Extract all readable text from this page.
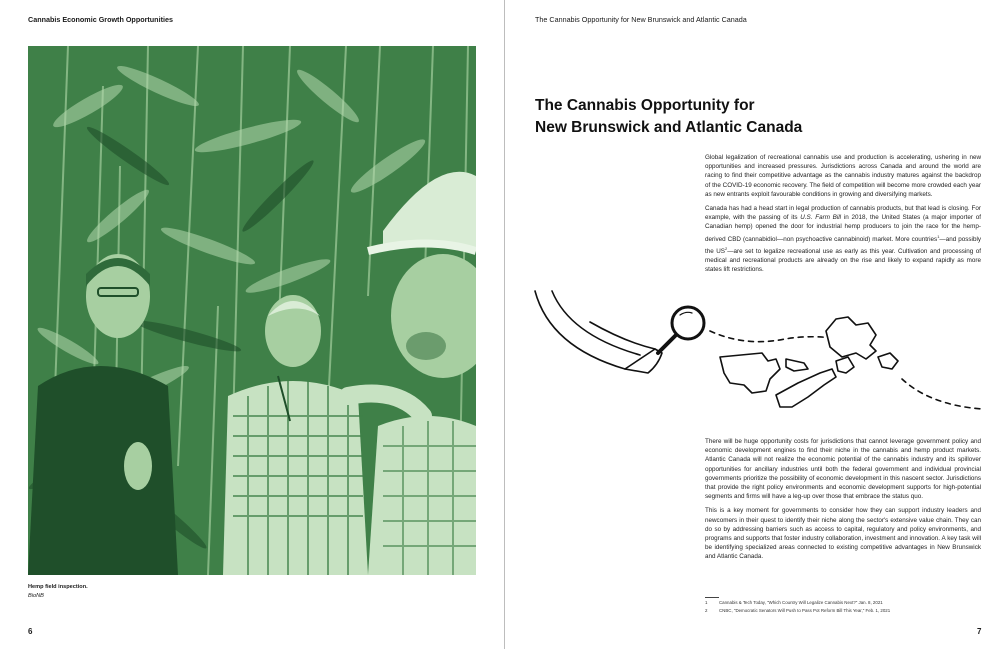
Cannabis Economic Growth Opportunities
Hemp field inspection.
BioNB
6
The Cannabis Opportunity for New Brunswick and Atlantic Canada
The Cannabis Opportunity for
New Brunswick and Atlantic Canada

Global legalization of recreational cannabis use and production is accelerating, ushering in new opportunities and increased pressures. Jurisdictions across Canada and around the world are racing to find their competitive advantage as the cannabis industry matures against the backdrop of the COVID-19 economic recovery. The field of competition will become more crowded each year as new entrants exploit favourable conditions in growing and diversifying markets.

Canada has had a head start in legal production of cannabis products, but that lead is closing. For example, with the passing of its U.S. Farm Bill in 2018, the United States (a major importer of Canadian hemp) opened the door for industrial hemp producers to join the race for the hemp-derived CBD (cannabidiol—non psychoactive cannabinoid) market. More countries$^1$—and possibly the $US^2—are$ set to legalize recreational use as early as this year. Cultivation and processing of medical and recreational products are already on the rise and likely to expand rapidly as more states lift restrictions.

There will be huge opportunity costs for jurisdictions that cannot leverage government policy and economic development engines to find their niche in the cannabis and hemp product markets. Atlantic Canada will not realize the economic potential of the cannabis industry and its spillover opportunities for ancillary industries until both the federal government and individual provincial governments prioritize the possibility of economic development in this nascent sector. Jurisdictions that provide the right policy environments and economic development supports for high-potential segments and firms will have a leg-up over those that embrace the status quo.

This is a key moment for governments to consider how they can support industry leaders and newcomers in their quest to identify their niche along the sector's extensive value chain. They can do so by addressing barriers such as access to capital, regulatory and policy environments, and programs and supports that foster industry collaboration, investment and innovation. A key task will be identifying specialized areas connected to existing competitive advantages in New Brunswick and Atlantic Canada.

1	Cannabis & Tech Today, "Which Country Will Legalize Cannabis Next?" Jan. 8, 2021
2	CNBC, "Democratic Senators Will Push to Pass Pot Reform Bill This Year," Feb. 1, 2021
7
